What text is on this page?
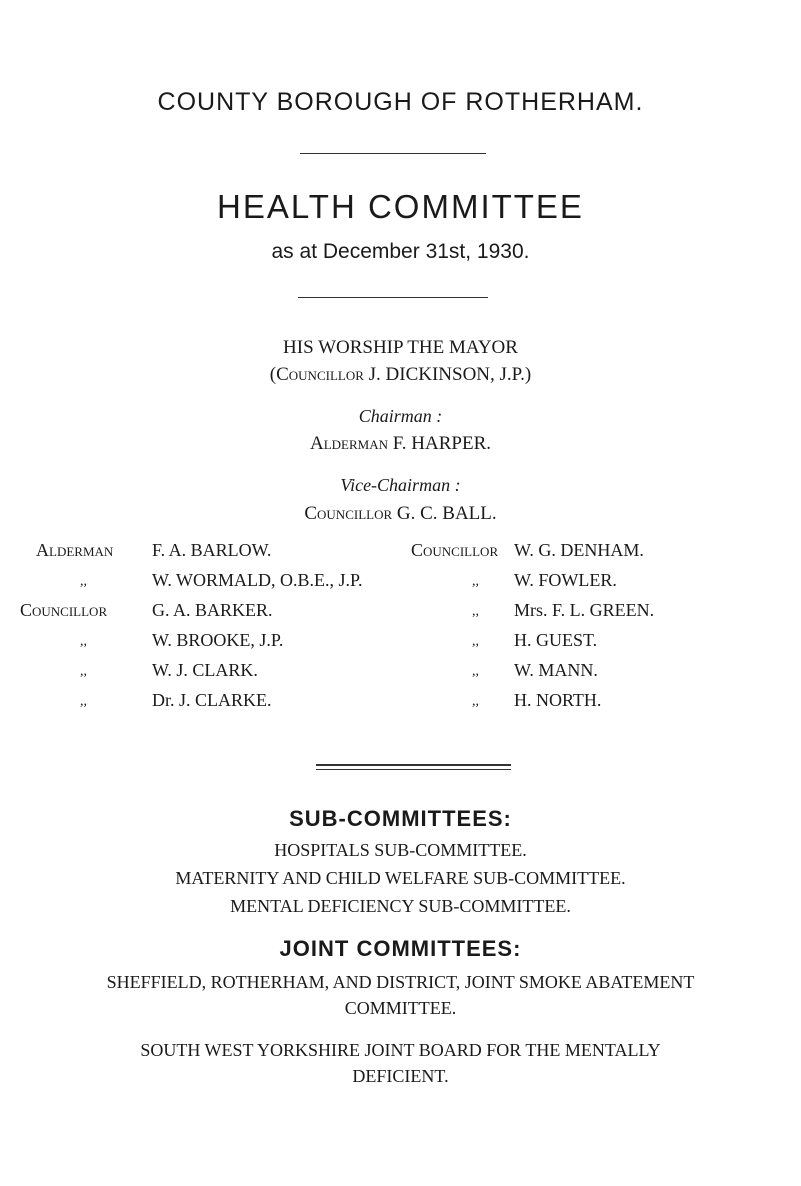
COUNTY BOROUGH OF ROTHERHAM.
HEALTH COMMITTEE
as at December 31st, 1930.
HIS WORSHIP THE MAYOR
(Councillor J. DICKINSON, J.P.)
Chairman :
Alderman F. HARPER.
Vice-Chairman :
Councillor G. C. BALL.
Alderman F. A. BARLOW.	Councillor W. G. DENHAM.
,,	W. WORMALD, O.B.E., J.P.	,, W. FOWLER.
Councillor G. A. BARKER.	,, Mrs. F. L. GREEN.
,,	W. BROOKE, J.P.	,, H. GUEST.
,,	W. J. CLARK.	,, W. MANN.
,,	Dr. J. CLARKE.	,, H. NORTH.
SUB-COMMITTEES:
HOSPITALS SUB-COMMITTEE.
MATERNITY AND CHILD WELFARE SUB-COMMITTEE.
MENTAL DEFICIENCY SUB-COMMITTEE.
JOINT COMMITTEES:
SHEFFIELD, ROTHERHAM, AND DISTRICT, JOINT SMOKE ABATEMENT
COMMITTEE.
SOUTH WEST YORKSHIRE JOINT BOARD FOR THE MENTALLY
DEFICIENT.
